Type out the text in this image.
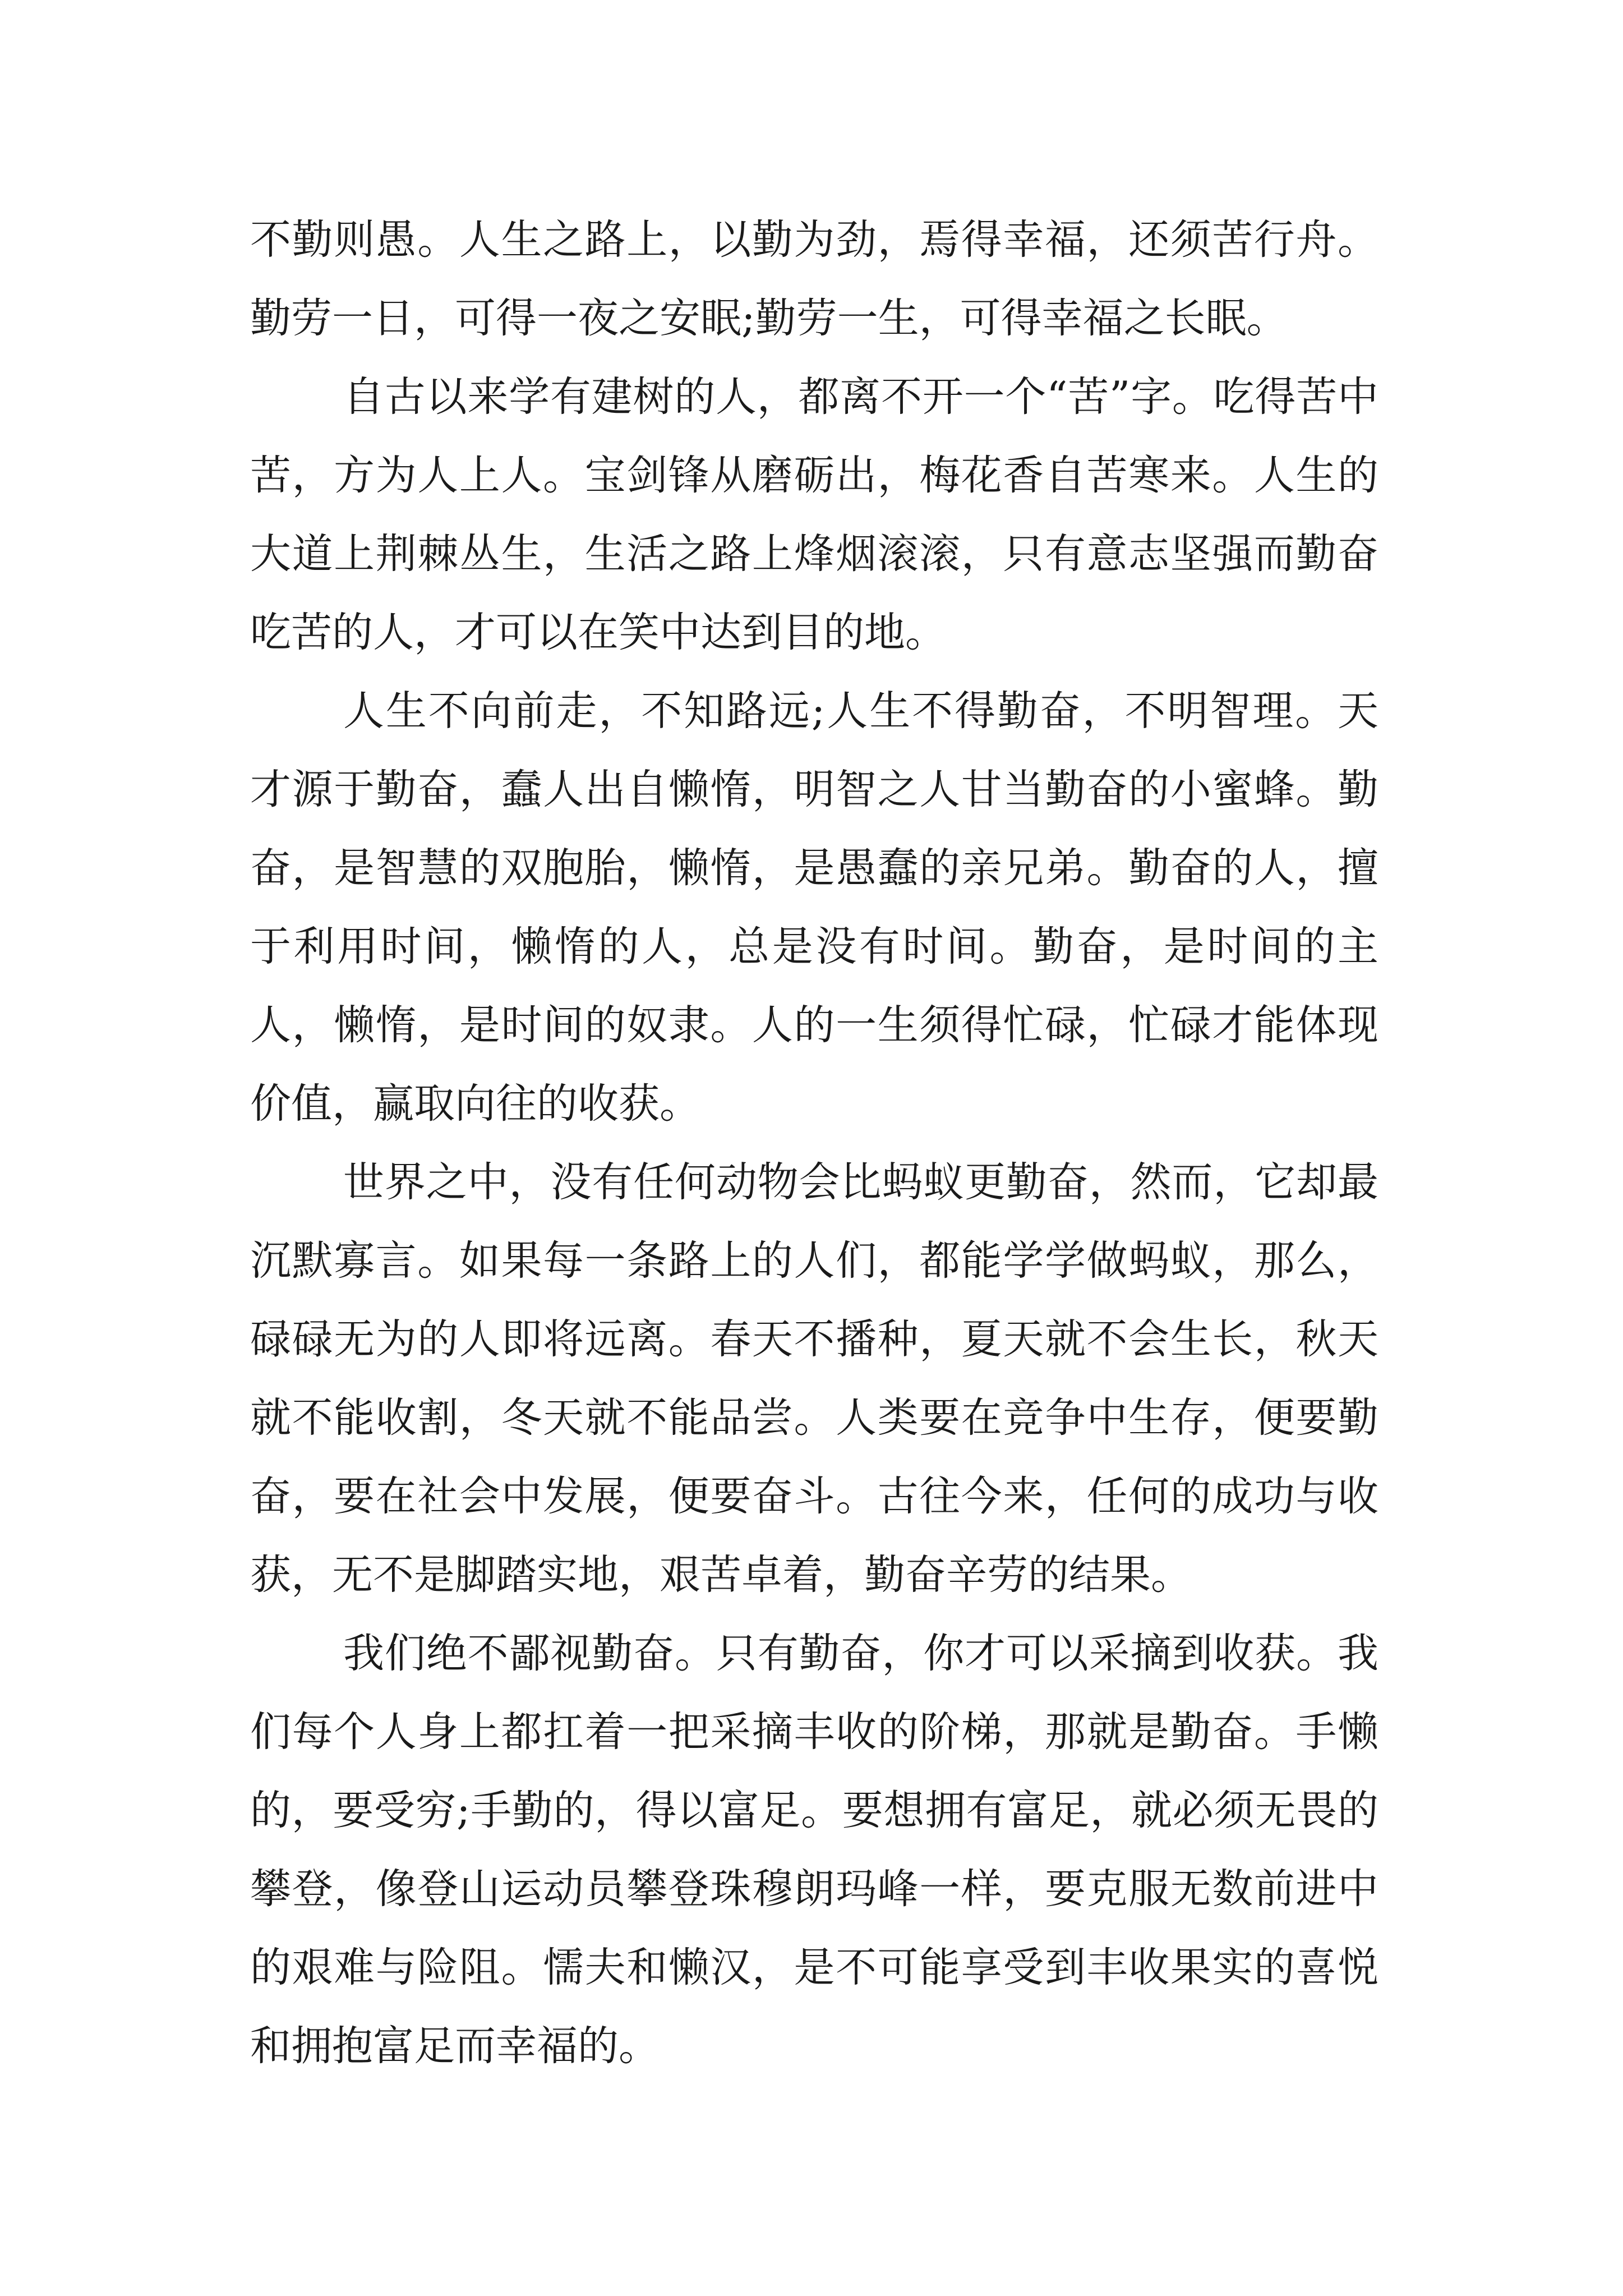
不勤则愚。人生之路上，以勤为劲，焉得幸福，还须苦行舟。勤劳一日，可得一夜之安眠;勤劳一生，可得幸福之长眠。

自古以来学有建树的人，都离不开一个“苦”字。吃得苦中苦，方为人上人。宝剑锋从磨砺出，梅花香自苦寒来。人生的大道上荆棘丛生，生活之路上烽烟滚滚，只有意志坚强而勤奋吃苦的人，才可以在笑中达到目的地。

人生不向前走，不知路远;人生不得勤奋，不明智理。天才源于勤奋，蠢人出自懒惰，明智之人甘当勤奋的小蜜蜂。勤奋，是智慧的双胞胎，懒惰，是愚蠢的亲兄弟。勤奋的人，擅于利用时间，懒惰的人，总是没有时间。勤奋，是时间的主人，懒惰，是时间的奴隶。人的一生须得忙碌，忙碌才能体现价值，赢取向往的收获。

世界之中，没有任何动物会比蚂蚁更勤奋，然而，它却最沉默寡言。如果每一条路上的人们，都能学学做蚂蚁，那么，碌碌无为的人即将远离。春天不播种，夏天就不会生长，秋天就不能收割，冬天就不能品尝。人类要在竞争中生存，便要勤奋，要在社会中发展，便要奋斗。古往今来，任何的成功与收获，无不是脚踏实地，艰苦卓着，勤奋辛劳的结果。

我们绝不鄙视勤奋。只有勤奋，你才可以采摘到收获。我们每个人身上都扛着一把采摘丰收的阶梯，那就是勤奋。手懒的，要受穷;手勤的，得以富足。要想拥有富足，就必须无畏的攀登，像登山运动员攀登珠穆朗玛峰一样，要克服无数前进中的艰难与险阻。懦夫和懒汉，是不可能享受到丰收果实的喜悦和拥抱富足而幸福的。
